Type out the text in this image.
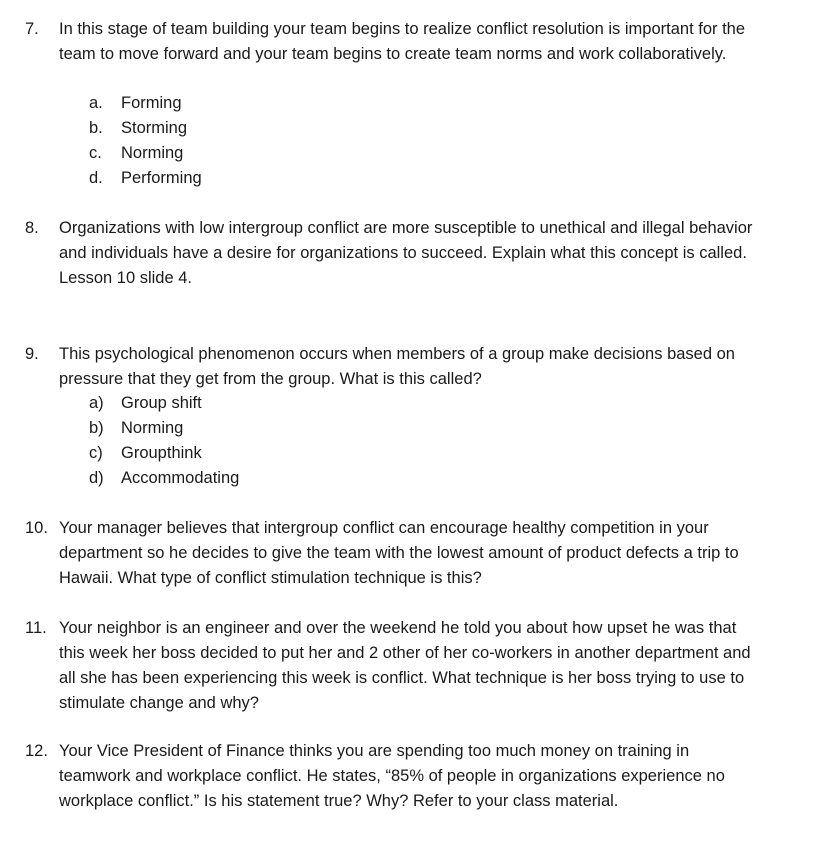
7. In this stage of team building your team begins to realize conflict resolution is important for the
team to move forward and your team begins to create team norms and work collaboratively.
a. Forming
b. Storming
c. Norming
d. Performing
8. Organizations with low intergroup conflict are more susceptible to unethical and illegal behavior
and individuals have a desire for organizations to succeed. Explain what this concept is called.
Lesson 10 slide 4.
9. This psychological phenomenon occurs when members of a group make decisions based on
pressure that they get from the group. What is this called?
a) Group shift
b) Norming
c) Groupthink
d) Accommodating
10. Your manager believes that intergroup conflict can encourage healthy competition in your
department so he decides to give the team with the lowest amount of product defects a trip to
Hawaii. What type of conflict stimulation technique is this?
11. Your neighbor is an engineer and over the weekend he told you about how upset he was that
this week her boss decided to put her and 2 other of her co-workers in another department and
all she has been experiencing this week is conflict. What technique is her boss trying to use to
stimulate change and why?
12. Your Vice President of Finance thinks you are spending too much money on training in
teamwork and workplace conflict. He states, “85% of people in organizations experience no
workplace conflict.” Is his statement true? Why? Refer to your class material.
